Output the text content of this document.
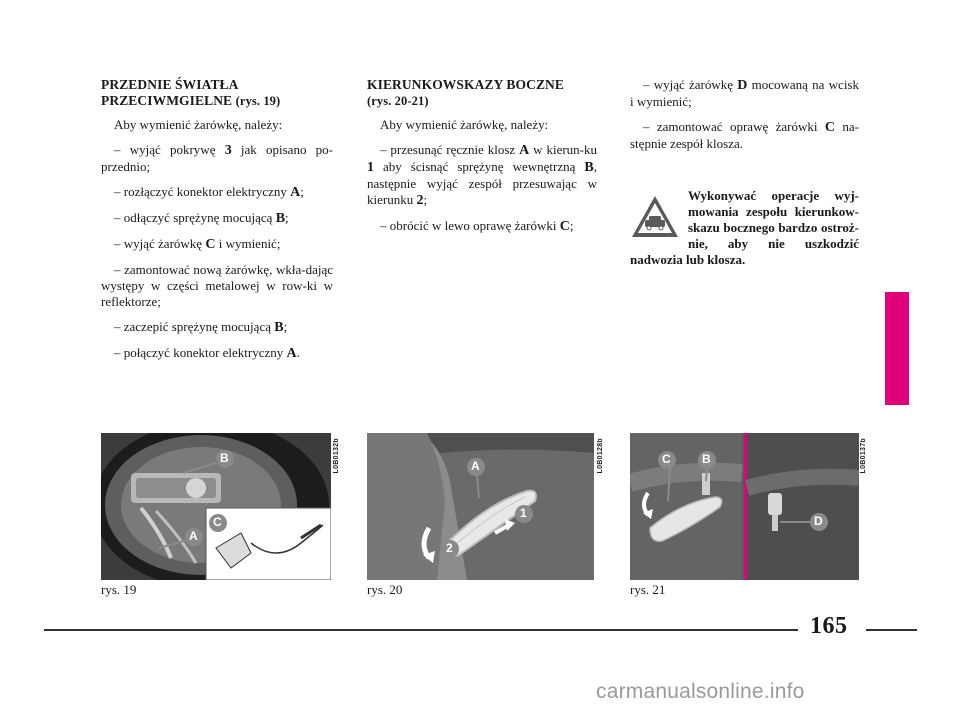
PRZEDNIE ŚWIATŁA
PRZECIWMGIELNE (rys. 19)

Aby wymienić żarówkę, należy:

– wyjąć pokrywę 3 jak opisano po-przednio;

– rozłączyć konektor elektryczny A;

– odłączyć sprężynę mocującą B;

– wyjąć żarówkę C i wymienić;

– zamontować nową żarówkę, wkła-dając występy w części metalowej w row-ki w reflektorze;

– zaczepić sprężynę mocującą B;

– połączyć konektor elektryczny A.

KIERUNKOWSKAZY BOCZNE
(rys. 20-21)

Aby wymienić żarówkę, należy:

– przesunąć ręcznie klosz A w kierun-ku 1 aby ścisnąć sprężynę wewnętrzną B, następnie wyjąć zespół przesuwając w kierunku 2;

– obrócić w lewo oprawę żarówki C;

– wyjąć żarówkę D mocowaną na wcisk i wymienić;

– zamontować oprawę żarówki C na-stępnie zespół klosza.

Wykonywać operacje wyj-mowania zespołu kierunkow-skazu bocznego bardzo ostroż-nie, aby nie uszkodzić nadwozia lub klosza.
B
A
C
L0B0132b
rys. 19
A
1
2
L0B0128b
rys. 20
C	B
D
L0B0137b
rys. 21
165
carmanualsonline.info
